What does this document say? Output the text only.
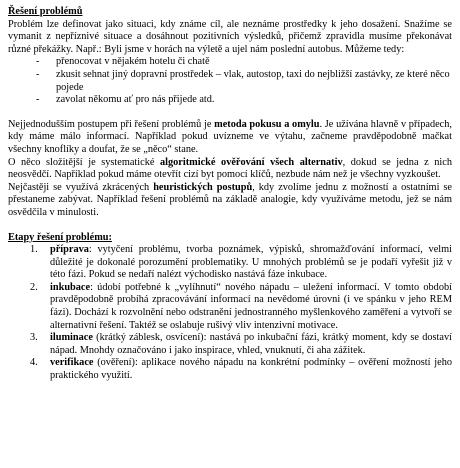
Řešení problémů

Problém lze definovat jako situaci, kdy známe cíl, ale neznáme prostředky k jeho dosažení. Snažíme se vymanit z nepříznivé situace a dosáhnout pozitivních výsledků, přičemž zpravidla musíme překonávat různé překážky. Např.: Byli jsme v horách na výletě a ujel nám poslední autobus. Můžeme tedy:

- přenocovat v nějakém hotelu či chatě
- zkusit sehnat jiný dopravní prostředek – vlak, autostop, taxi do nejbližší zastávky, ze které něco pojede
- zavolat někomu ať pro nás přijede atd.

Nejjednodušším postupem při řešení problémů je metoda pokusu a omylu. Je užívána hlavně v případech, kdy máme málo informací. Například pokud uvízneme ve výtahu, začneme pravděpodobně mačkat všechny knoflíky a doufat, že se „něco“ stane.

O něco složitější je systematické algoritmické ověřování všech alternativ, dokud se jedna z nich neosvědčí. Například pokud máme otevřít cizí byt pomocí klíčů, nezbude nám než je všechny vyzkoušet.

Nejčastěji se využívá zkrácených heuristických postupů, kdy zvolíme jednu z možností a ostatními se přestaneme zabývat. Například řešení problémů na základě analogie, kdy využíváme metodu, jež se nám osvědčila v minulosti.

Etapy řešení problému:
1. příprava: vytyčení problému, tvorba poznámek, výpisků, shromažďování informací, velmi důležité je dokonalé porozumění problematiky. U mnohých problémů se je podaří vyřešit již v této fázi. Pokud se nedaří nalézt východisko nastává fáze inkubace.
2. inkubace: údobí potřebné k „vylíhnutí“ nového nápadu – uležení informací. V tomto období pravděpodobně probíhá zpracovávání informací na nevědomé úrovni (i ve spánku v jeho REM fázi). Dochází k rozvolnění nebo odstranění jednostranného myšlenkového zaměření a vytvoří se alternativní řešení. Taktéž se oslabuje rušivý vliv intenzivní motivace.
3. iluminace (krátký záblesk, osvícení): nastává po inkubační fázi, krátký moment, kdy se dostaví nápad. Mnohdy označováno i jako inspirace, vhled, vnuknutí, či aha zážitek.
4. verifikace (ověření): aplikace nového nápadu na konkrétní podmínky – ověření možností jeho praktického využití.
